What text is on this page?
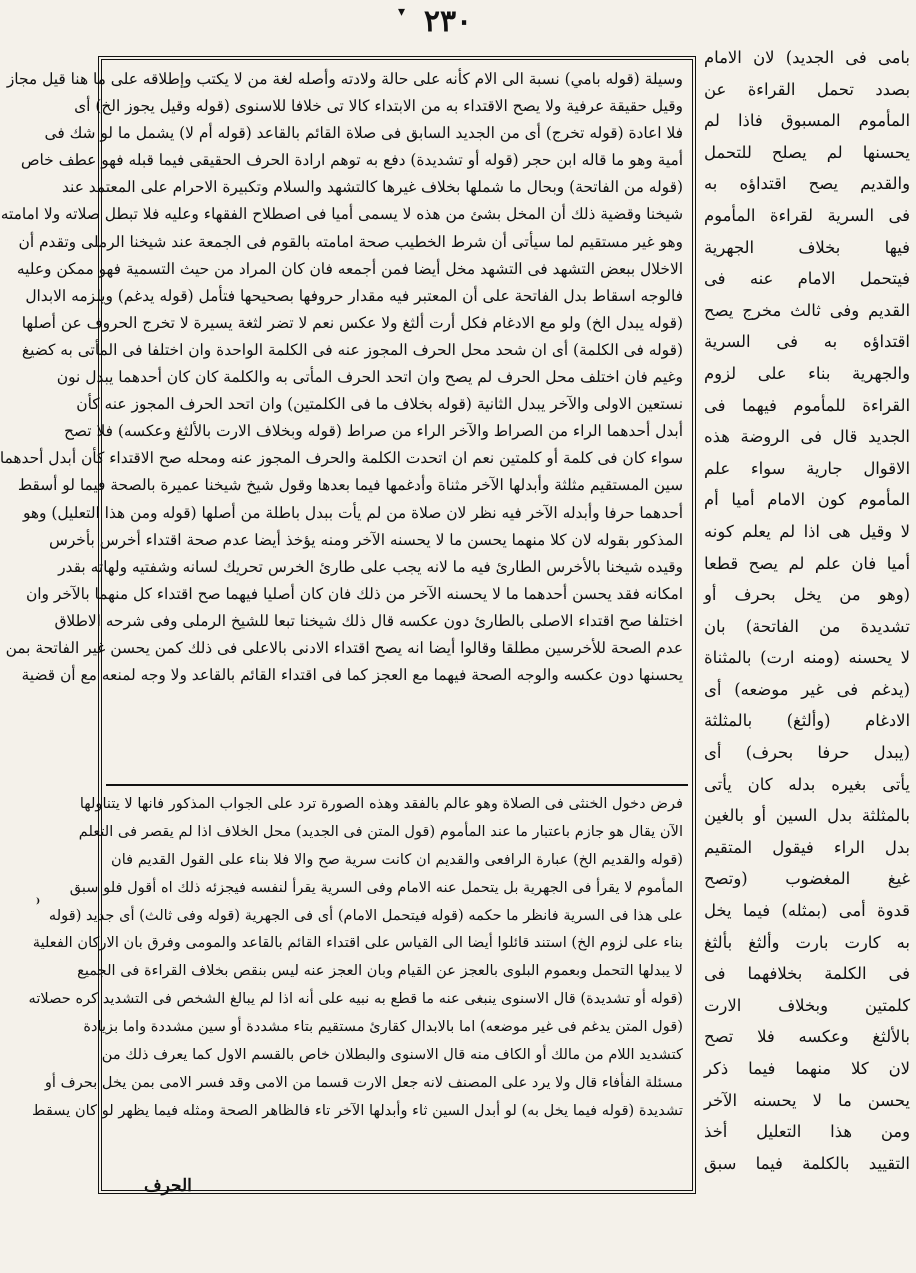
٢٣٠
▾
⁽
وسيلة (قوله بامي) نسبة الى الام كأنه على حالة ولادته وأصله لغة من لا يكتب وإطلاقه على ما هنا قيل مجاز
وقيل حقيقة عرفية ولا يصح الاقتداء به من الابتداء كالا تى خلافا للاسنوى (قوله وقيل يجوز الخ) أى
فلا اعادة (قوله تخرج) أى من الجديد السابق فى صلاة القائم بالقاعد (قوله أم لا) يشمل ما لو شك فى
أمية وهو ما قاله ابن حجر (قوله أو تشديدة) دفع به توهم ارادة الحرف الحقيقى فيما قبله فهو عطف خاص
(قوله من الفاتحة) وبحال ما شملها بخلاف غيرها كالتشهد والسلام وتكبيرة الاحرام على المعتمد عند
شيخنا وقضية ذلك أن المخل بشئ من هذه لا يسمى أميا فى اصطلاح الفقهاء وعليه فلا تبطل صلاته ولا امامته
وهو غير مستقيم لما سيأتى أن شرط الخطيب صحة امامته بالقوم فى الجمعة عند شيخنا الرملى وتقدم أن
الاخلال ببعض التشهد فى التشهد مخل أيضا فمن أجمعه فان كان المراد من حيث التسمية فهو ممكن وعليه
فالوجه اسقاط بدل الفاتحة على أن المعتبر فيه مقدار حروفها بصحيحها فتأمل (قوله يدغم) ويلزمه الابدال
(قوله يبدل الخ) ولو مع الادغام فكل أرت ألثغ ولا عكس نعم لا تضر لثغة يسيرة لا تخرج الحروف عن أصلها
(قوله فى الكلمة) أى ان شحد محل الحرف المجوز عنه فى الكلمة الواحدة وان اختلفا فى المأتى به كضيغ
وغيم فان اختلف محل الحرف لم يصح وان اتحد الحرف المأتى به والكلمة كان كان أحدهما يبدل نون
نستعين الاولى والآخر يبدل الثانية (قوله بخلاف ما فى الكلمتين) وان اتحد الحرف المجوز عنه كأن
أبدل أحدهما الراء من الصراط والآخر الراء من صراط (قوله وبخلاف الارت بالألثغ وعكسه) فلا تصح
سواء كان فى كلمة أو كلمتين نعم ان اتحدت الكلمة والحرف المجوز عنه ومحله صح الاقتداء كأن أبدل أحدهما
سين المستقيم مثلثة وأبدلها الآخر مثناة وأدغمها فيما بعدها وقول شيخ شيخنا عميرة بالصحة فيما لو أسقط
أحدهما حرفا وأبدله الآخر فيه نظر لان صلاة من لم يأت ببدل باطلة من أصلها (قوله ومن هذا التعليل) وهو
المذكور بقوله لان كلا منهما يحسن ما لا يحسنه الآخر ومنه يؤخذ أيضا عدم صحة اقتداء أخرس بأخرس
وقيده شيخنا بالأخرس الطارئ فيه ما لانه يجب على طارئ الخرس تحريك لسانه وشفتيه ولهاته بقدر
امكانه فقد يحسن أحدهما ما لا يحسنه الآخر من ذلك فان كان أصليا فيهما صح اقتداء كل منهما بالآخر وان
اختلفا صح اقتداء الاصلى بالطارئ دون عكسه قال ذلك شيخنا تبعا للشيخ الرملى وفى شرحه الاطلاق
عدم الصحة للأخرسين مطلقا وقالوا أيضا انه يصح اقتداء الادنى بالاعلى فى ذلك كمن يحسن غير الفاتحة بمن
يحسنها دون عكسه والوجه الصحة فيهما مع العجز كما فى اقتداء القائم بالقاعد ولا وجه لمنعه مع أن قضية
فرض دخول الخنثى فى الصلاة وهو عالم بالفقد وهذه الصورة ترد على الجواب المذكور فانها لا يتناولها
الآن يقال هو جازم باعتبار ما عند المأموم (قول المتن فى الجديد) محل الخلاف اذا لم يقصر فى التعلم
(قوله والقديم الخ) عبارة الرافعى والقديم ان كانت سرية صح والا فلا بناء على القول القديم فان
المأموم لا يقرأ فى الجهرية بل يتحمل عنه الامام وفى السرية يقرأ لنفسه فيجزئه ذلك اه أقول فلو سبق
على هذا فى السرية فانظر ما حكمه (قوله فيتحمل الامام) أى فى الجهرية (قوله وفى ثالث) أى جديد (قوله
بناء على لزوم الخ) استند قائلوا أيضا الى القياس على اقتداء القائم بالقاعد والمومى وفرق بان الاركان الفعلية
لا يبدلها التحمل وبعموم البلوى بالعجز عن القيام وبان العجز عنه ليس بنقص بخلاف القراءة فى الجميع
(قوله أو تشديدة) قال الاسنوى ينبغى عنه ما قطع به نبيه على أنه اذا لم يبالغ الشخص فى التشديد كره حصلاته
(قول المتن يدغم فى غير موضعه) اما بالابدال كقارئ مستقيم بتاء مشددة أو سين مشددة واما بزيادة
كتشديد اللام من مالك أو الكاف منه قال الاسنوى والبطلان خاص بالقسم الاول كما يعرف ذلك من
مسئلة الفأفاء قال ولا يرد على المصنف لانه جعل الارت قسما من الامى وقد فسر الامى بمن يخل بحرف أو
تشديدة (قوله فيما يخل به) لو أبدل السين ثاء وأبدلها الآخر تاء فالظاهر الصحة ومثله فيما يظهر لو كان يسقط
بامى فى الجديد) لان الامام
بصدد تحمل القراءة عن
المأموم المسبوق فاذا لم
يحسنها لم يصلح للتحمل
والقديم يصح اقتداؤه به
فى السرية لقراءة المأموم
فيها بخلاف الجهرية
فيتحمل الامام عنه فى
القديم وفى ثالث مخرج يصح
اقتداؤه به فى السرية
والجهرية بناء على لزوم
القراءة للمأموم فيهما فى
الجديد قال فى الروضة هذه
الاقوال جارية سواء علم
المأموم كون الامام أميا أم
لا وقيل هى اذا لم يعلم كونه
أميا فان علم لم يصح قطعا
(وهو من يخل بحرف أو
تشديدة من الفاتحة) بان
لا يحسنه (ومنه ارت) بالمثناة
(يدغم فى غير موضعه) أى
الادغام (وألثغ) بالمثلثة
(يبدل حرفا بحرف) أى
يأتى بغيره بدله كان يأتى
بالمثلثة بدل السين أو بالغين
بدل الراء فيقول المتقيم
غيغ المغضوب (وتصح
قدوة أمى (بمثله) فيما يخل
به كارت بارت وألثغ بألثغ
فى الكلمة بخلافهما فى
كلمتين وبخلاف الارت
بالألثغ وعكسه فلا تصح
لان كلا منهما فيما ذكر
يحسن ما لا يحسنه الآخر
ومن هذا التعليل أخذ
التقييد بالكلمة فيما سبق
الحرف
